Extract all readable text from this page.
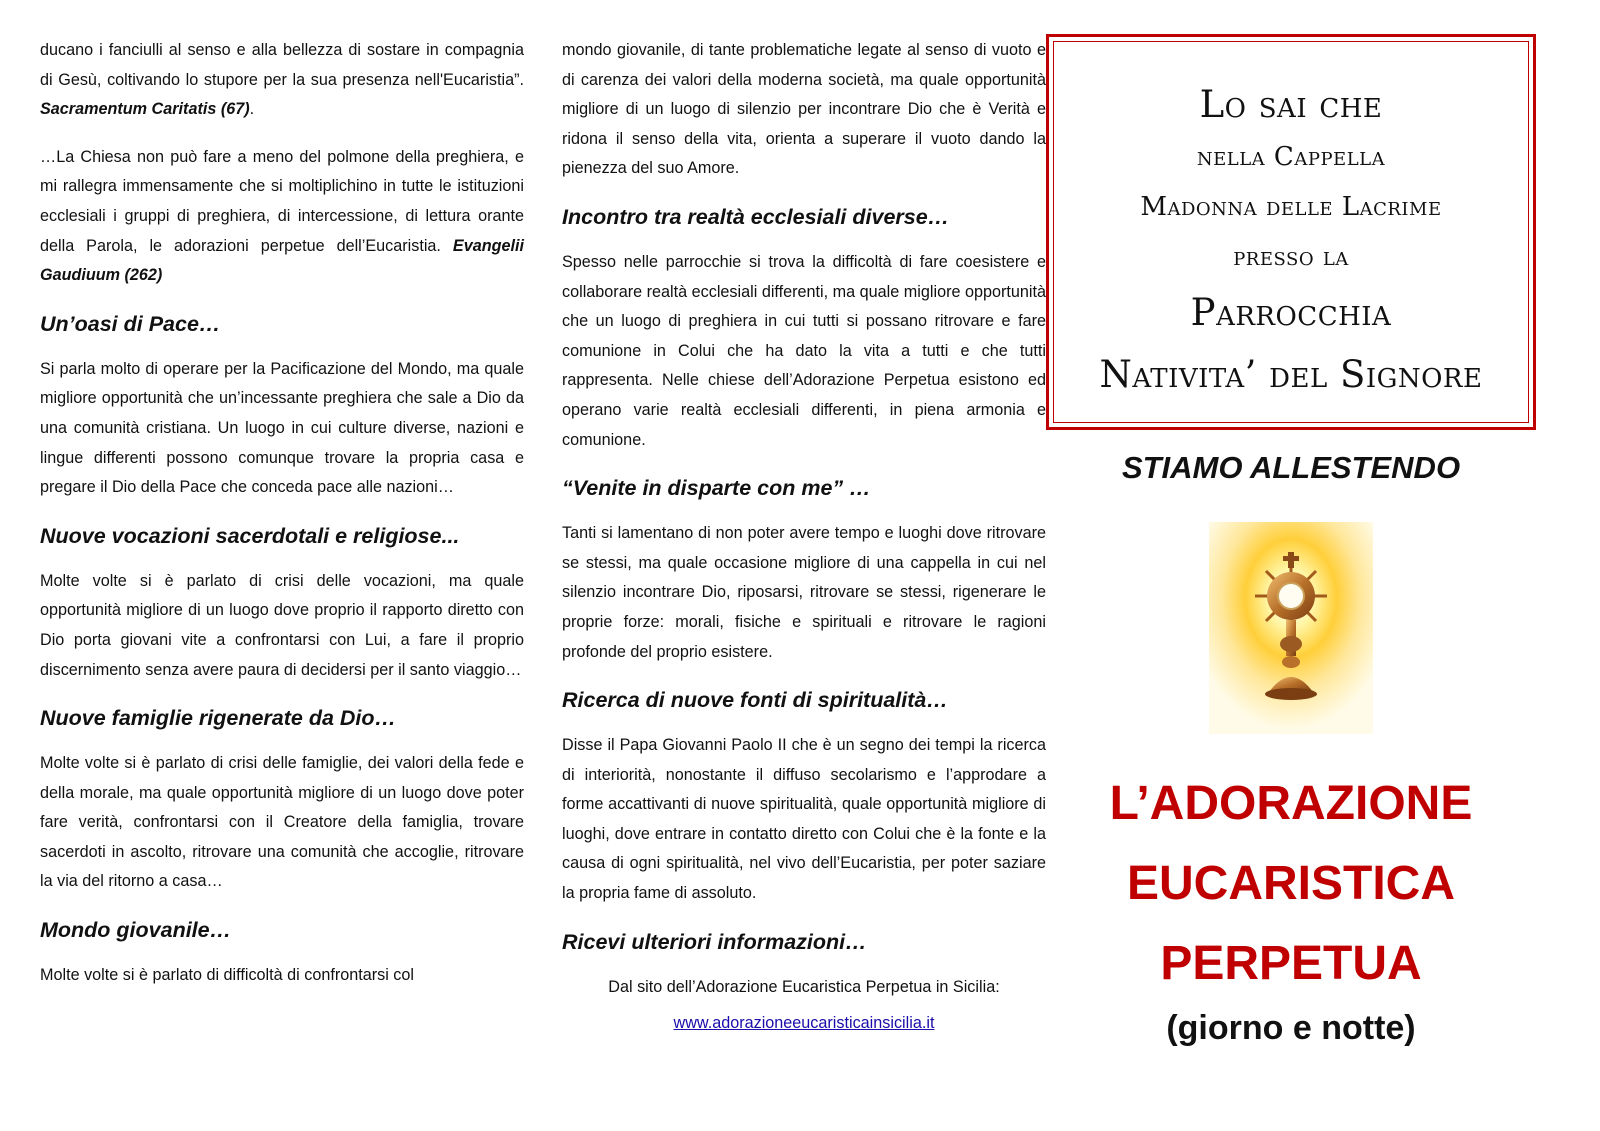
ducano i fanciulli al senso e alla bellezza di sostare in compagnia di Gesù, coltivando lo stupore per la sua presenza nell'Eucaristia”. Sacramentum Caritatis (67).

…La Chiesa non può fare a meno del polmone della preghiera, e mi rallegra immensamente che si moltiplichino in tutte le istituzioni ecclesiali i gruppi di preghiera, di intercessione, di lettura orante della Parola, le adorazioni perpetue dell’Eucaristia. Evangelii Gaudiuum (262)

Un’oasi di Pace…

Si parla molto di operare per la Pacificazione del Mondo, ma quale migliore opportunità che un’incessante preghiera che sale a Dio da una comunità cristiana. Un luogo in cui culture diverse, nazioni e lingue differenti possono comunque trovare la propria casa e pregare il Dio della Pace che conceda pace alle nazioni…

Nuove vocazioni sacerdotali e religiose...

Molte volte si è parlato di crisi delle vocazioni, ma quale opportunità migliore di un luogo dove proprio il rapporto diretto con Dio porta giovani vite a confrontarsi con Lui, a fare il proprio discernimento senza avere paura di decidersi per il santo viaggio…

Nuove famiglie rigenerate da Dio…

Molte volte si è parlato di crisi delle famiglie, dei valori della fede e della morale, ma quale opportunità migliore di un luogo dove poter fare verità, confrontarsi con il Creatore della famiglia, trovare sacerdoti in ascolto, ritrovare una comunità che accoglie, ritrovare la via del ritorno a casa…

Mondo giovanile…

Molte volte si è parlato di difficoltà di confrontarsi col

mondo giovanile, di tante problematiche legate al senso di vuoto e di carenza dei valori della moderna società, ma quale opportunità migliore di un luogo di silenzio per incontrare Dio che è Verità e ridona il senso della vita, orienta a superare il vuoto dando la pienezza del suo Amore.

Incontro tra realtà ecclesiali diverse…

Spesso nelle parrocchie si trova la difficoltà di fare coesistere e collaborare realtà ecclesiali differenti, ma quale migliore opportunità che un luogo di preghiera in cui tutti si possano ritrovare e fare comunione in Colui che ha dato la vita a tutti e che tutti rappresenta. Nelle chiese dell’Adorazione Perpetua esistono ed operano varie realtà ecclesiali differenti, in piena armonia e comunione.

“Venite in disparte con me” …

Tanti si lamentano di non poter avere tempo e luoghi dove ritrovare se stessi, ma quale occasione migliore di una cappella in cui nel silenzio incontrare Dio, riposarsi, ritrovare se stessi, rigenerare le proprie forze: morali, fisiche e spirituali e ritrovare le ragioni profonde del proprio esistere.

Ricerca di nuove fonti di spiritualità…

Disse il Papa Giovanni Paolo II che è un segno dei tempi la ricerca di interiorità, nonostante il diffuso secolarismo e l’approdare a forme accattivanti di nuove spiritualità, quale opportunità migliore di luoghi, dove entrare in contatto diretto con Colui che è la fonte e la causa di ogni spiritualità, nel vivo dell’Eucaristia, per poter saziare la propria fame di assoluto.

Ricevi ulteriori informazioni…

Dal sito dell’Adorazione Eucaristica Perpetua in Sicilia:

www.adorazioneeucaristicainsicilia.it
Lo sai che
nella Cappella
Madonna delle Lacrime
presso la
Parrocchia
Nativita’ del Signore
STIAMO ALLESTENDO
L’ADORAZIONE
EUCARISTICA
PERPETUA
(giorno e notte)
